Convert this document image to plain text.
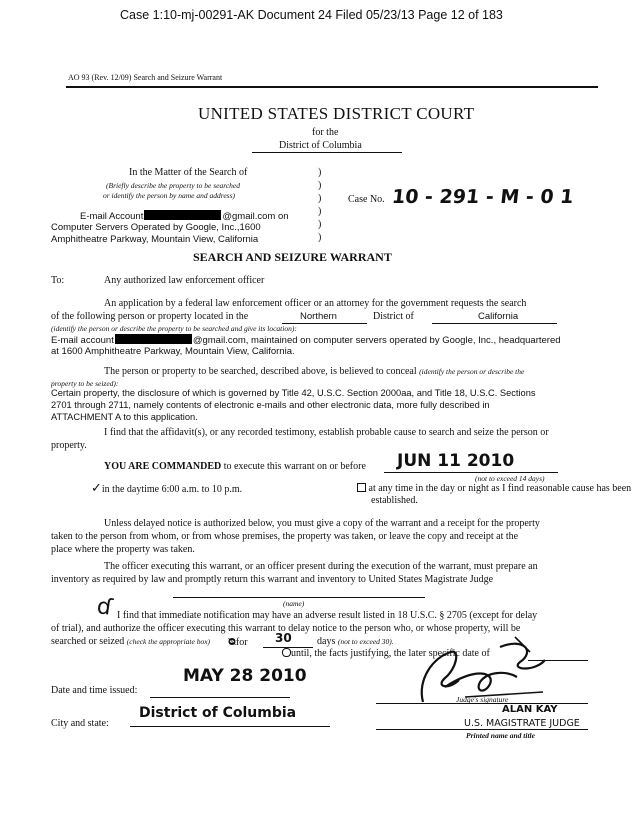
Case 1:10-mj-00291-AK Document 24 Filed 05/23/13 Page 12 of 183
AO 93 (Rev. 12/09) Search and Seizure Warrant
UNITED STATES DISTRICT COURT
for the
District of Columbia
In the Matter of the Search of
(Briefly describe the property to be searched
or identify the person by name and address)
E-mail Account	@gmail.com on
Computer Servers Operated by Google, Inc.,1600
Amphitheatre Parkway, Mountain View, California
)
)
)
)
)
)
Case No. 10 - 291 - M - 0 1
SEARCH AND SEIZURE WARRANT
To:	Any authorized law enforcement officer
An application by a federal law enforcement officer or an attorney for the government requests the search
of the following person or property located in the	Northern	District of	California
(identify the person or describe the property to be searched and give its location):
E-mail account	@gmail.com, maintained on computer servers operated by Google, Inc., headquartered
at 1600 Amphitheatre Parkway, Mountain View, California.
The person or property to be searched, described above, is believed to conceal (identify the person or describe the
property to be seized):
Certain property, the disclosure of which is governed by Title 42, U.S.C. Section 2000aa, and Title 18, U.S.C. Sections
2701 through 2711, namely contents of electronic e-mails and other electronic data, more fully described in
ATTACHMENT A to this application.
I find that the affidavit(s), or any recorded testimony, establish probable cause to search and seize the person or
property.
YOU ARE COMMANDED to execute this warrant on or before JUN 11 2010
(not to exceed 14 days)
✓in the daytime 6:00 a.m. to 10 p.m.	at any time in the day or night as I find reasonable cause has been
established.
Unless delayed notice is authorized below, you must give a copy of the warrant and a receipt for the property
taken to the person from whom, or from whose premises, the property was taken, or leave the copy and receipt at the
place where the property was taken.
The officer executing this warrant, or an officer present during the execution of the warrant, must prepare an
inventory as required by law and promptly return this warrant and inventory to United States Magistrate Judge
(name)
ɗ I find that immediate notification may have an adverse result listed in 18 U.S.C. § 2705 (except for delay
of trial), and authorize the officer executing this warrant to delay notice to the person who, or whose property, will be
searched or seized (check the appropriate box) ᴓfor 30	days (not to exceed 30).
until, the facts justifying, the later specific date of
MAY 28 2010
Date and time issued:
Judge's signature
City and state:
District of Columbia	ALAN KAY
U.S. MAGISTRATE JUDGE
Printed name and title
